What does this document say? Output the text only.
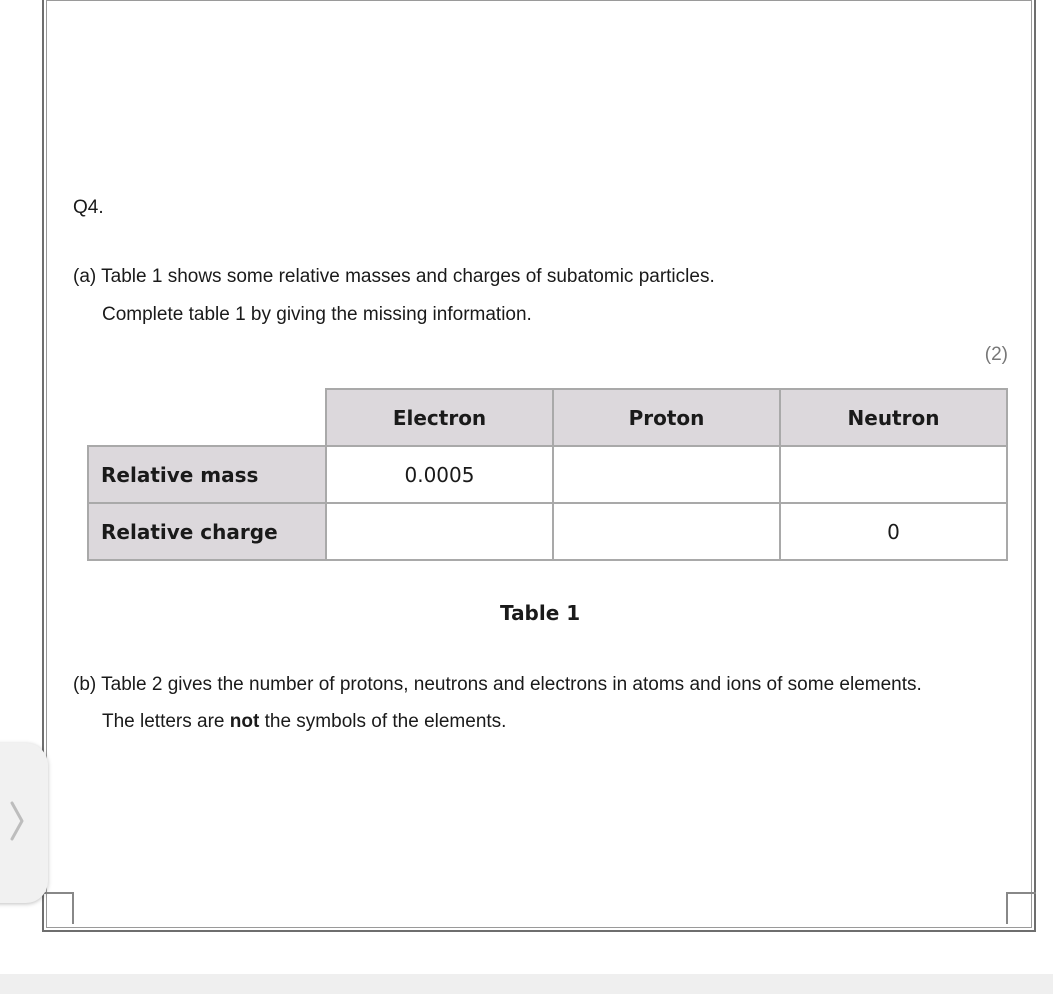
Q4.
(a) Table 1 shows some relative masses and charges of subatomic particles.
Complete table 1 by giving the missing information.
(2)
	Electron	Proton	Neutron
Relative mass	0.0005		
Relative charge			0
Table 1
(b) Table 2 gives the number of protons, neutrons and electrons in atoms and ions of some elements.
The letters are not the symbols of the elements.
